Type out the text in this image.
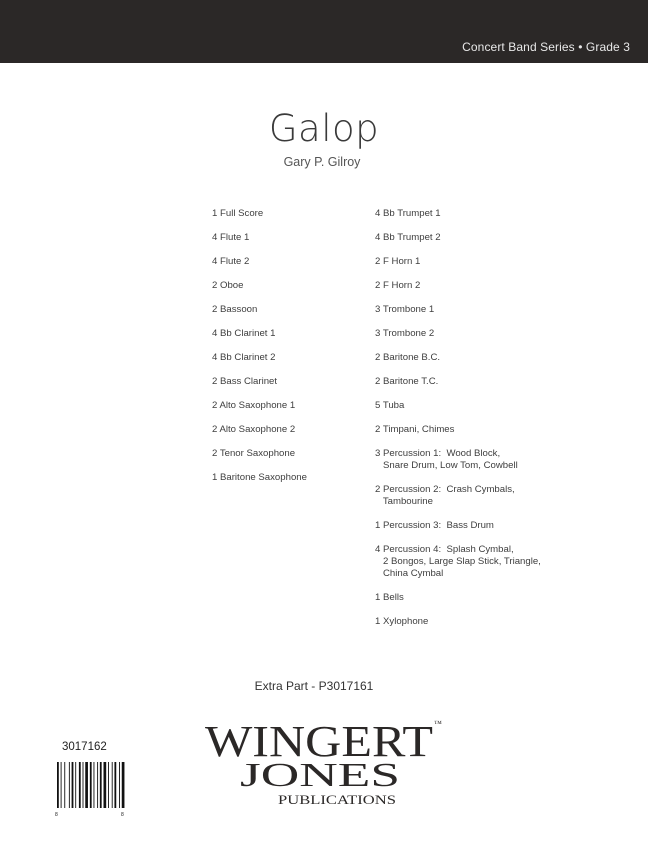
Concert Band Series • Grade 3
Galop
Gary P. Gilroy
1 Full Score
4 Flute 1
4 Flute 2
2 Oboe
2 Bassoon
4 Bb Clarinet 1
4 Bb Clarinet 2
2 Bass Clarinet
2 Alto Saxophone 1
2 Alto Saxophone 2
2 Tenor Saxophone
1 Baritone Saxophone
4 Bb Trumpet 1
4 Bb Trumpet 2
2 F Horn 1
2 F Horn 2
3 Trombone 1
3 Trombone 2
2 Baritone B.C.
2 Baritone T.C.
5 Tuba
2 Timpani, Chimes
3 Percussion 1:  Wood Block,
Snare Drum, Low Tom, Cowbell
2 Percussion 2:  Crash Cymbals,
Tambourine
1 Percussion 3:  Bass Drum
4 Percussion 4:  Splash Cymbal,
2 Bongos, Large Slap Stick, Triangle,
China Cymbal
1 Bells
1 Xylophone
Extra Part - P3017161
3017162
8	8
WINGERT ™
JONES
PUBLICATIONS
